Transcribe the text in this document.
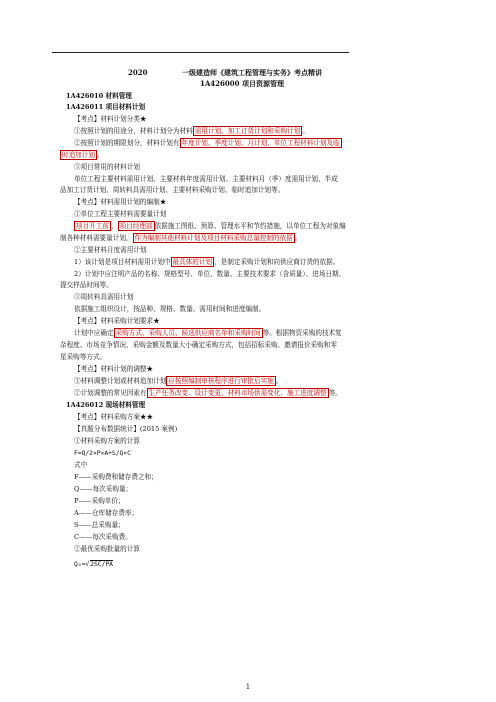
2020	一级建造师《建筑工程管理与实务》考点精讲
1A426000 项目资源管理
1A426010 材料管理
1A426011 项目材料计划
【考点】材料计划分类★
①按照计划的用途分，材料计划分为材料 需用计划、加工订货计划和采购计划 。
②按照计划的期限划分，材料计划有 年度计划、季度计划、月计划、单位工程材料计划及临
时追加计划 。
③项目常用的材料计划
单位工程主要材料需用计划、主要材料年度需用计划、主要材料月（季）度需用计划、半成
品加工订货计划、周转料具需用计划、主要材料采购计划、临时追加计划等。
【考点】材料需用计划的编制★
①单位工程主要材料需要量计划
项目开工前 ， 项目经理部 依据施工图纸、预算、管理水平和节约措施，以单位工程为对象编
制各种材料需要量计划， 作为编制其他材料计划及项目材料采购总量控制的依据 。
②主要材料月度需用计划
1）该计划是项目材料需用计划中 最具体的计划 ，是制定采购计划和向供应商订货的依据。
2）计划中应注明产品的名称、规格型号、单位、数量、主要技术要求（含质量）、进场日期、
提交样品时间等。
③周转料具需用计划
依据施工组织设计，按品种、规格、数量、需用时间和进度编制。
【考点】材料采购计划要求★
计划中应确定 采购方式、采购人员、候选供应商名单和采购时间 等。根据物资采购的技术复
杂程度、市场竞争情况、采购金额及数量大小确定采购方式，包括招标采购、邀请报价采购和零
星采购等方式。
【考点】材料计划的调整★
①材料调整计划或材料追加计划 应按照编制审核程序进行审批后实施 。
②计划调整的常见因素有 生产任务改变、设计变更、材料市场供需变化、施工进度调整 等。
1A426012 现场材料管理
【考点】材料采购方案★★
【真题分布数据统计】(2015 案例)
①材料采购方案的计算
F=Q/2×P×A+S/Q×C
式中
F——采购费和储存费之和；
Q——每次采购量；
P——采购单价；
A——仓库储存费率；
S——总采购量；
C——每次采购费。
②最优采购批量的计算
Q₀=√2SC/PA
1
